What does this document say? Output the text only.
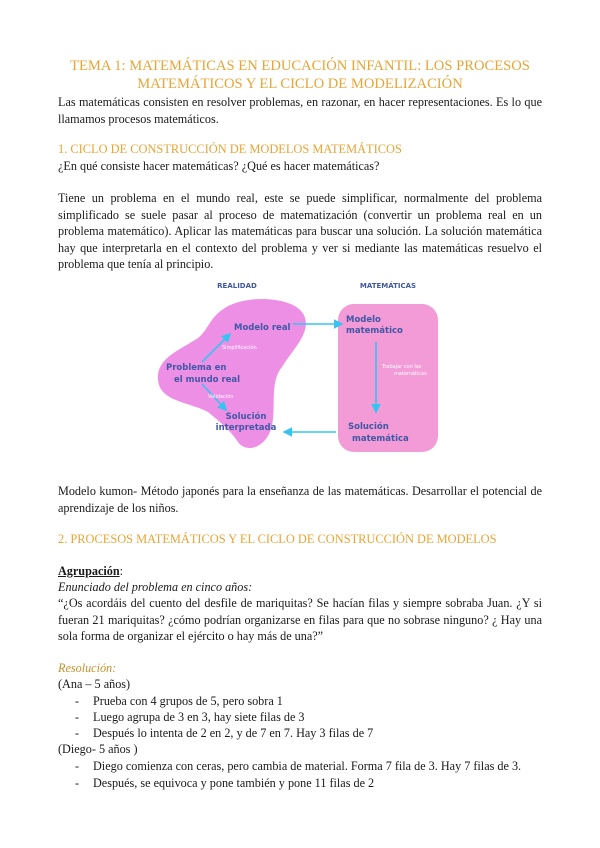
TEMA 1: MATEMÁTICAS EN EDUCACIÓN INFANTIL: LOS PROCESOS
MATEMÁTICOS Y EL CICLO DE MODELIZACIÓN
Las matemáticas consisten en resolver problemas, en razonar, en hacer representaciones. Es lo que llamamos procesos matemáticos.
1. CICLO DE CONSTRUCCIÓN DE MODELOS MATEMÁTICOS
¿En qué consiste hacer matemáticas? ¿Qué es hacer matemáticas?
Tiene un problema en el mundo real, este se puede simplificar, normalmente del problema simplificado se suele pasar al proceso de matematización (convertir un problema real en un problema matemático). Aplicar las matemáticas para buscar una solución. La solución matemática hay que interpretarla en el contexto del problema y ver si mediante las matemáticas resuelvo el problema que tenía al principio.
REALIDAD	MATEMÁTICAS
Modelo real
Simplificación
Problema en
el mundo real
Validación
Solución
interpretada
Modelo
matemático
Trabajar con las
matemáticas
Solución
matemática
Modelo kumon- Método japonés para la enseñanza de las matemáticas. Desarrollar el potencial de aprendizaje de los niños.
2. PROCESOS MATEMÁTICOS Y EL CICLO DE CONSTRUCCIÓN DE MODELOS
Agrupación:
Enunciado del problema en cinco años:
“¿Os acordáis del cuento del desfile de mariquitas? Se hacían filas y siempre sobraba Juan. ¿Y si fueran 21 mariquitas? ¿cómo podrían organizarse en filas para que no sobrase ninguno? ¿ Hay una sola forma de organizar el ejército o hay más de una?”
Resolución:
(Ana – 5 años)
- Prueba con 4 grupos de 5, pero sobra 1
- Luego agrupa de 3 en 3, hay siete filas de 3
- Después lo intenta de 2 en 2, y de 7 en 7. Hay 3 filas de 7
(Diego- 5 años )
- Diego comienza con ceras, pero cambia de material. Forma 7 fila de 3. Hay 7 filas de 3.
- Después, se equivoca y pone también y pone 11 filas de 2
